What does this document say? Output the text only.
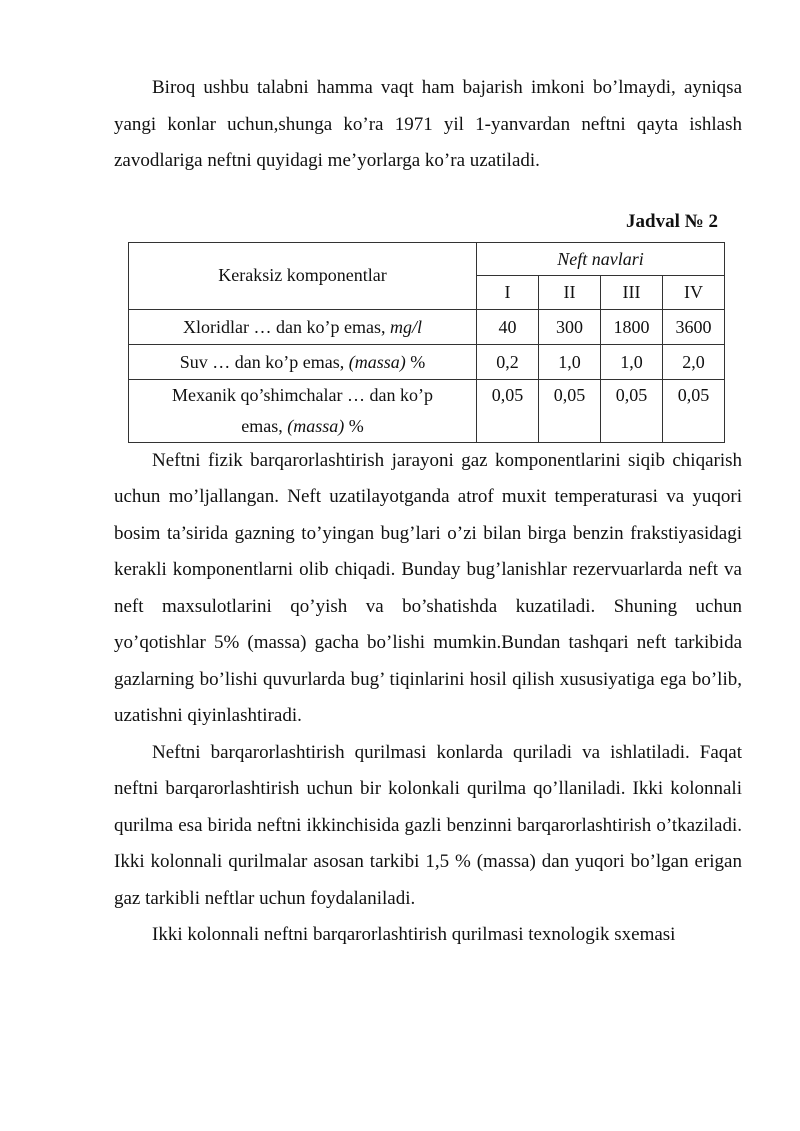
Biroq ushbu talabni hamma vaqt ham bajarish imkoni bo’lmaydi, ayniqsa yangi konlar uchun,shunga ko’ra 1971 yil 1-yanvardan neftni qayta ishlash zavodlariga neftni quyidagi me’yorlarga ko’ra uzatiladi.

Jadval № 2
Keraksiz komponentlar	Neft navlari			
	I	II	III	IV
Xloridlar … dan ko’p emas, mg/l	40	300	1800	3600
Suv … dan ko’p emas, (massa) %	0,2	1,0	1,0	2,0
Mexanik qo’shimchalar … dan ko’p
emas, (massa) %	0,05	0,05	0,05	0,05

Neftni fizik barqarorlashtirish jarayoni gaz komponentlarini siqib chiqarish uchun mo’ljallangan. Neft uzatilayotganda atrof muxit temperaturasi va yuqori bosim ta’sirida gazning to’yingan bug’lari o’zi bilan birga benzin frakstiyasidagi kerakli komponentlarni olib chiqadi. Bunday bug’lanishlar rezervuarlarda neft va neft maxsulotlarini qo’yish va bo’shatishda kuzatiladi. Shuning uchun yo’qotishlar 5% (massa) gacha bo’lishi mumkin.Bundan tashqari neft tarkibida gazlarning bo’lishi quvurlarda bug’ tiqinlarini hosil qilish xususiyatiga ega bo’lib, uzatishni qiyinlashtiradi.

Neftni barqarorlashtirish qurilmasi konlarda quriladi va ishlatiladi. Faqat neftni barqarorlashtirish uchun bir kolonkali qurilma qo’llaniladi. Ikki kolonnali qurilma esa birida neftni ikkinchisida gazli benzinni barqarorlashtirish o’tkaziladi. Ikki kolonnali qurilmalar asosan tarkibi 1,5 % (massa) dan yuqori bo’lgan erigan gaz tarkibli neftlar uchun foydalaniladi.

Ikki kolonnali neftni barqarorlashtirish qurilmasi texnologik sxemasi
